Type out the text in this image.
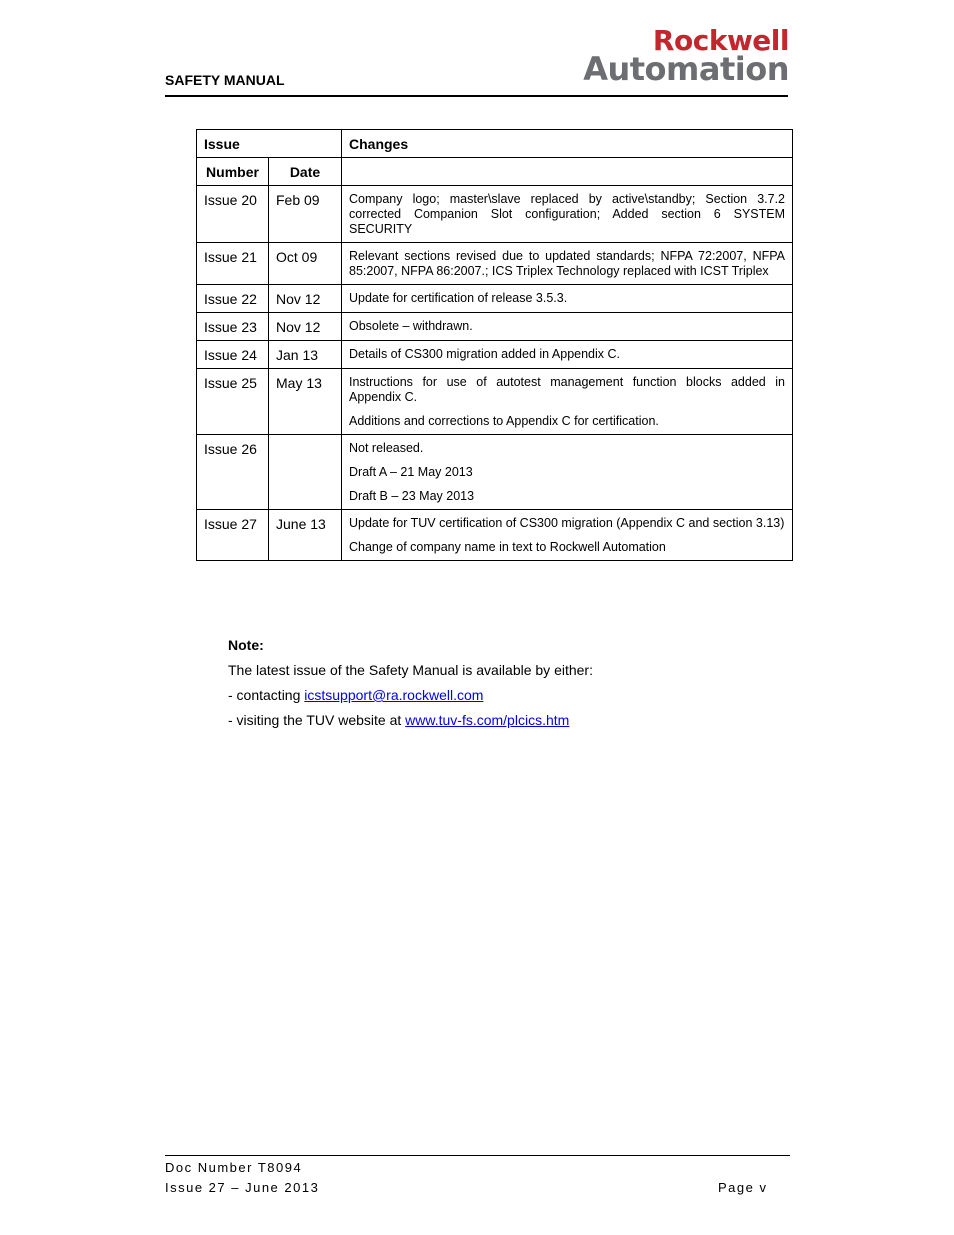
SAFETY MANUAL
Rockwell
Automation
Issue		Changes
Number	Date	
Issue 20	Feb 09	Company logo; master\slave replaced by active\standby; Section 3.7.2 corrected Companion Slot configuration; Added section 6 SYSTEM SECURITY

Issue 21	Oct 09	Relevant sections revised due to updated standards; NFPA 72:2007, NFPA 85:2007, NFPA 86:2007.; ICS Triplex Technology replaced with ICST Triplex

Issue 22	Nov 12	Update for certification of release 3.5.3.

Issue 23	Nov 12	Obsolete – withdrawn.

Issue 24	Jan 13	Details of CS300 migration added in Appendix C.

Issue 25	May 13	Instructions for use of autotest management function blocks added in Appendix C.

Additions and corrections to Appendix C for certification.

Issue 26		Not released.

Draft A – 21 May 2013

Draft B – 23 May 2013

Issue 27	June 13	Update for TUV certification of CS300 migration (Appendix C and section 3.13)

Change of company name in text to Rockwell Automation

Note:
The latest issue of the Safety Manual is available by either:
- contacting icstsupport@ra.rockwell.com
- visiting the TUV website at www.tuv-fs.com/plcics.htm
Doc Number T8094
Issue 27 – June 2013	Page v
